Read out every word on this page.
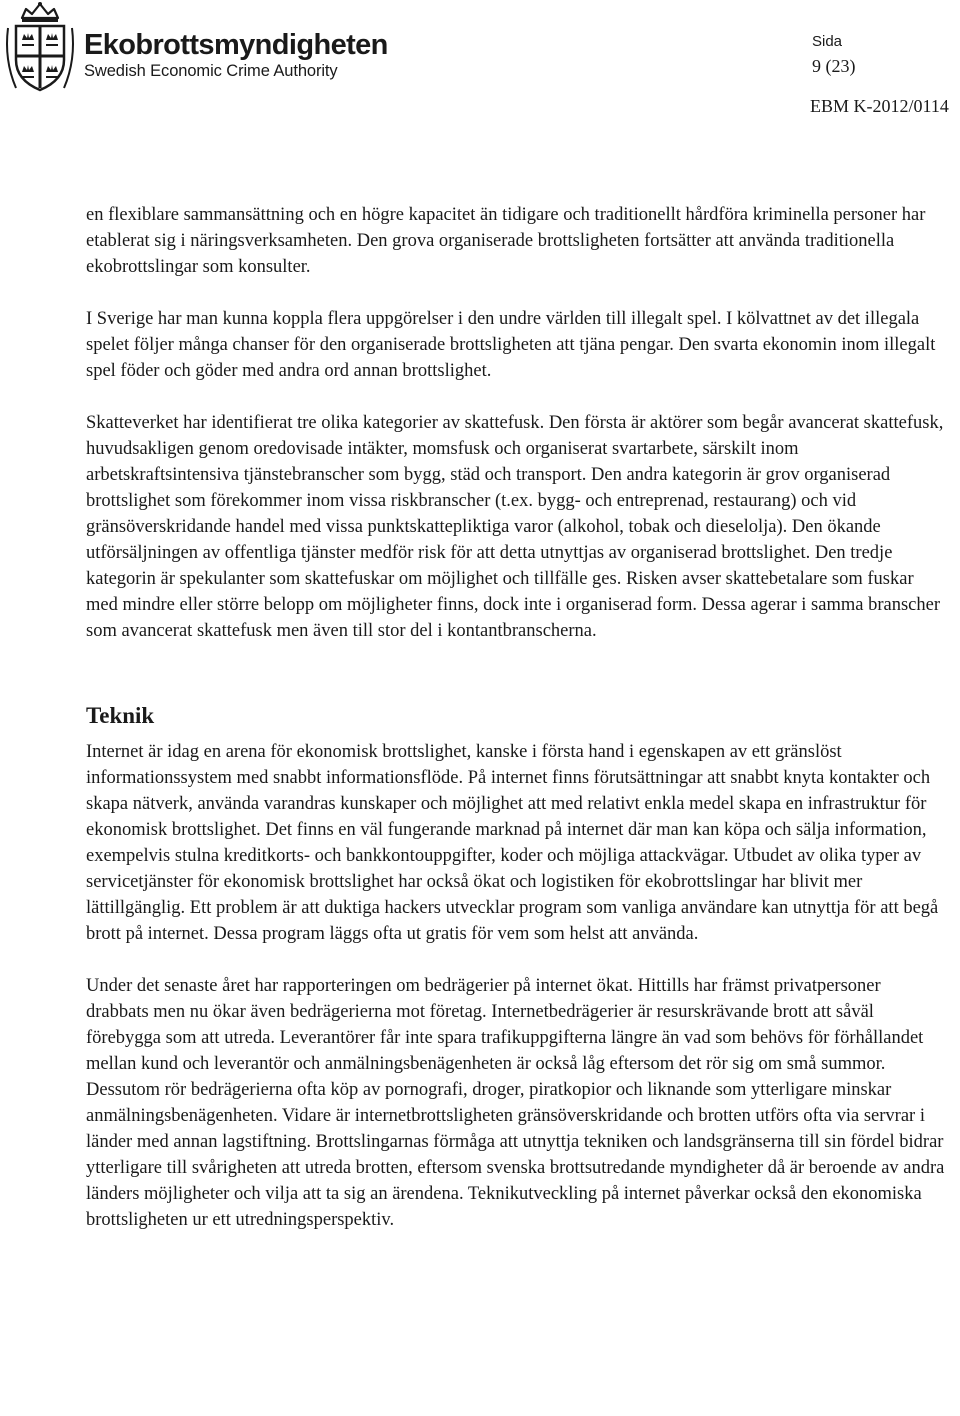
Ekobrottsmyndigheten
Swedish Economic Crime Authority
Sida
9 (23)
EBM K-2012/0114

en flexiblare sammansättning och en högre kapacitet än tidigare och traditionellt hårdföra kriminella personer har etablerat sig i näringsverksamheten. Den grova organiserade brottsligheten fortsätter att använda traditionella ekobrottslingar som konsulter.

I Sverige har man kunna koppla flera uppgörelser i den undre världen till illegalt spel. I kölvattnet av det illegala spelet följer många chanser för den organiserade brottsligheten att tjäna pengar. Den svarta ekonomin inom illegalt spel föder och göder med andra ord annan brottslighet.

Skatteverket har identifierat tre olika kategorier av skattefusk. Den första är aktörer som begår avancerat skattefusk, huvudsakligen genom oredovisade intäkter, momsfusk och organiserat svartarbete, särskilt inom arbetskraftsintensiva tjänstebranscher som bygg, städ och transport. Den andra kategorin är grov organiserad brottslighet som förekommer inom vissa riskbranscher (t.ex. bygg- och entreprenad, restaurang) och vid gränsöverskridande handel med vissa punktskattepliktiga varor (alkohol, tobak och dieselolja). Den ökande utförsäljningen av offentliga tjänster medför risk för att detta utnyttjas av organiserad brottslighet. Den tredje kategorin är spekulanter som skattefuskar om möjlighet och tillfälle ges. Risken avser skattebetalare som fuskar med mindre eller större belopp om möjligheter finns, dock inte i organiserad form. Dessa agerar i samma branscher som avancerat skattefusk men även till stor del i kontantbranscherna.

Teknik

Internet är idag en arena för ekonomisk brottslighet, kanske i första hand i egenskapen av ett gränslöst informationssystem med snabbt informationsflöde. På internet finns förutsättningar att snabbt knyta kontakter och skapa nätverk, använda varandras kunskaper och möjlighet att med relativt enkla medel skapa en infrastruktur för ekonomisk brottslighet. Det finns en väl fungerande marknad på internet där man kan köpa och sälja information, exempelvis stulna kreditkorts- och bankkontouppgifter, koder och möjliga attackvägar. Utbudet av olika typer av servicetjänster för ekonomisk brottslighet har också ökat och logistiken för ekobrottslingar har blivit mer lättillgänglig. Ett problem är att duktiga hackers utvecklar program som vanliga användare kan utnyttja för att begå brott på internet. Dessa program läggs ofta ut gratis för vem som helst att använda.

Under det senaste året har rapporteringen om bedrägerier på internet ökat. Hittills har främst privatpersoner drabbats men nu ökar även bedrägerierna mot företag. Internetbedrägerier är resurskrävande brott att såväl förebygga som att utreda. Leverantörer får inte spara trafikuppgifterna längre än vad som behövs för förhållandet mellan kund och leverantör och anmälningsbenägenheten är också låg eftersom det rör sig om små summor. Dessutom rör bedrägerierna ofta köp av pornografi, droger, piratkopior och liknande som ytterligare minskar anmälningsbenägenheten. Vidare är internetbrottsligheten gränsöverskridande och brotten utförs ofta via servrar i länder med annan lagstiftning. Brottslingarnas förmåga att utnyttja tekniken och landsgränserna till sin fördel bidrar ytterligare till svårigheten att utreda brotten, eftersom svenska brottsutredande myndigheter då är beroende av andra länders möjligheter och vilja att ta sig an ärendena. Teknikutveckling på internet påverkar också den ekonomiska brottsligheten ur ett utredningsperspektiv.
